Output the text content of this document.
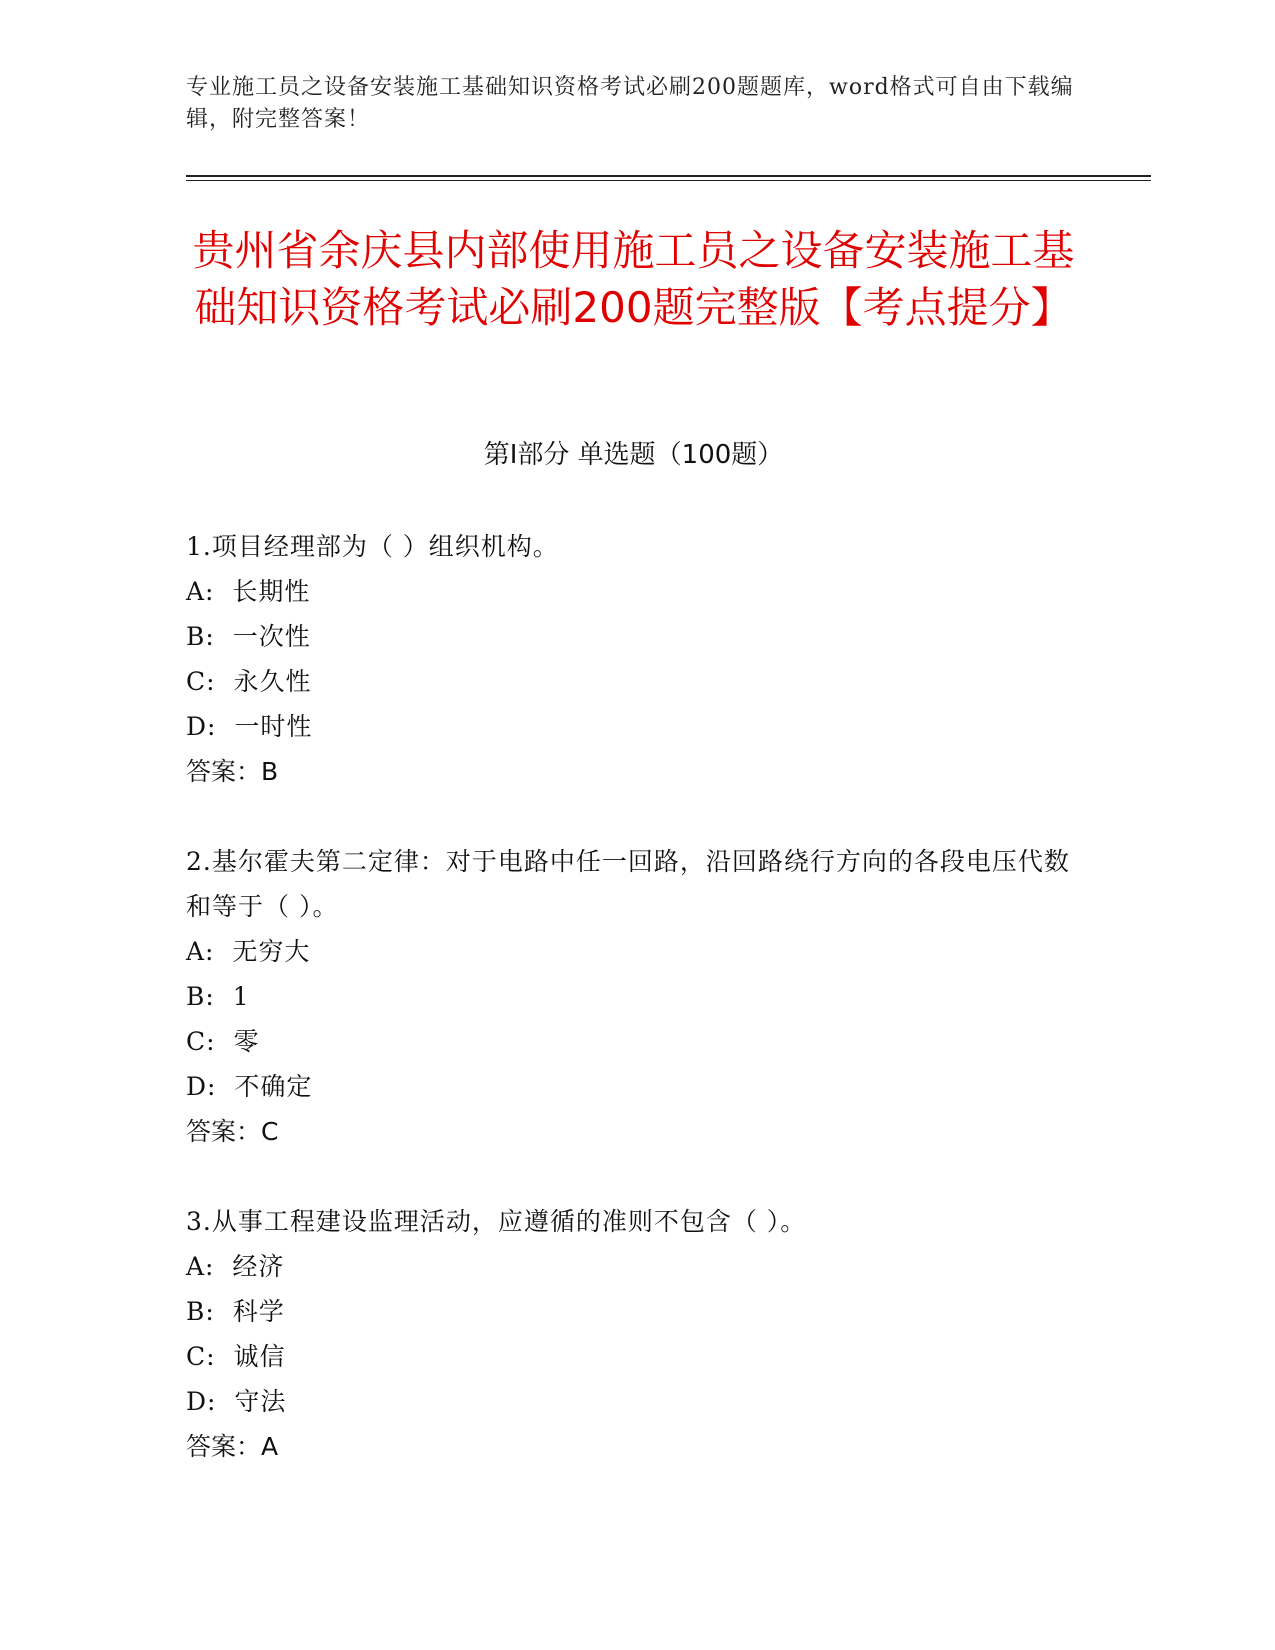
专业施工员之设备安装施工基础知识资格考试必刷200题题库，word格式可自由下载编辑，附完整答案！
贵州省余庆县内部使用施工员之设备安装施工基础知识资格考试必刷200题完整版【考点提分】
第Ⅰ部分 单选题（100题）
1.项目经理部为（ ）组织机构。
A:  长期性
B:  一次性
C:  永久性
D:  一时性
答案：B
2.基尔霍夫第二定律：对于电路中任一回路，沿回路绕行方向的各段电压代数和等于（ ）。
A:  无穷大
B:  1
C:  零
D:  不确定
答案：C
3.从事工程建设监理活动，应遵循的准则不包含（ ）。
A:  经济
B:  科学
C:  诚信
D:  守法
答案：A
